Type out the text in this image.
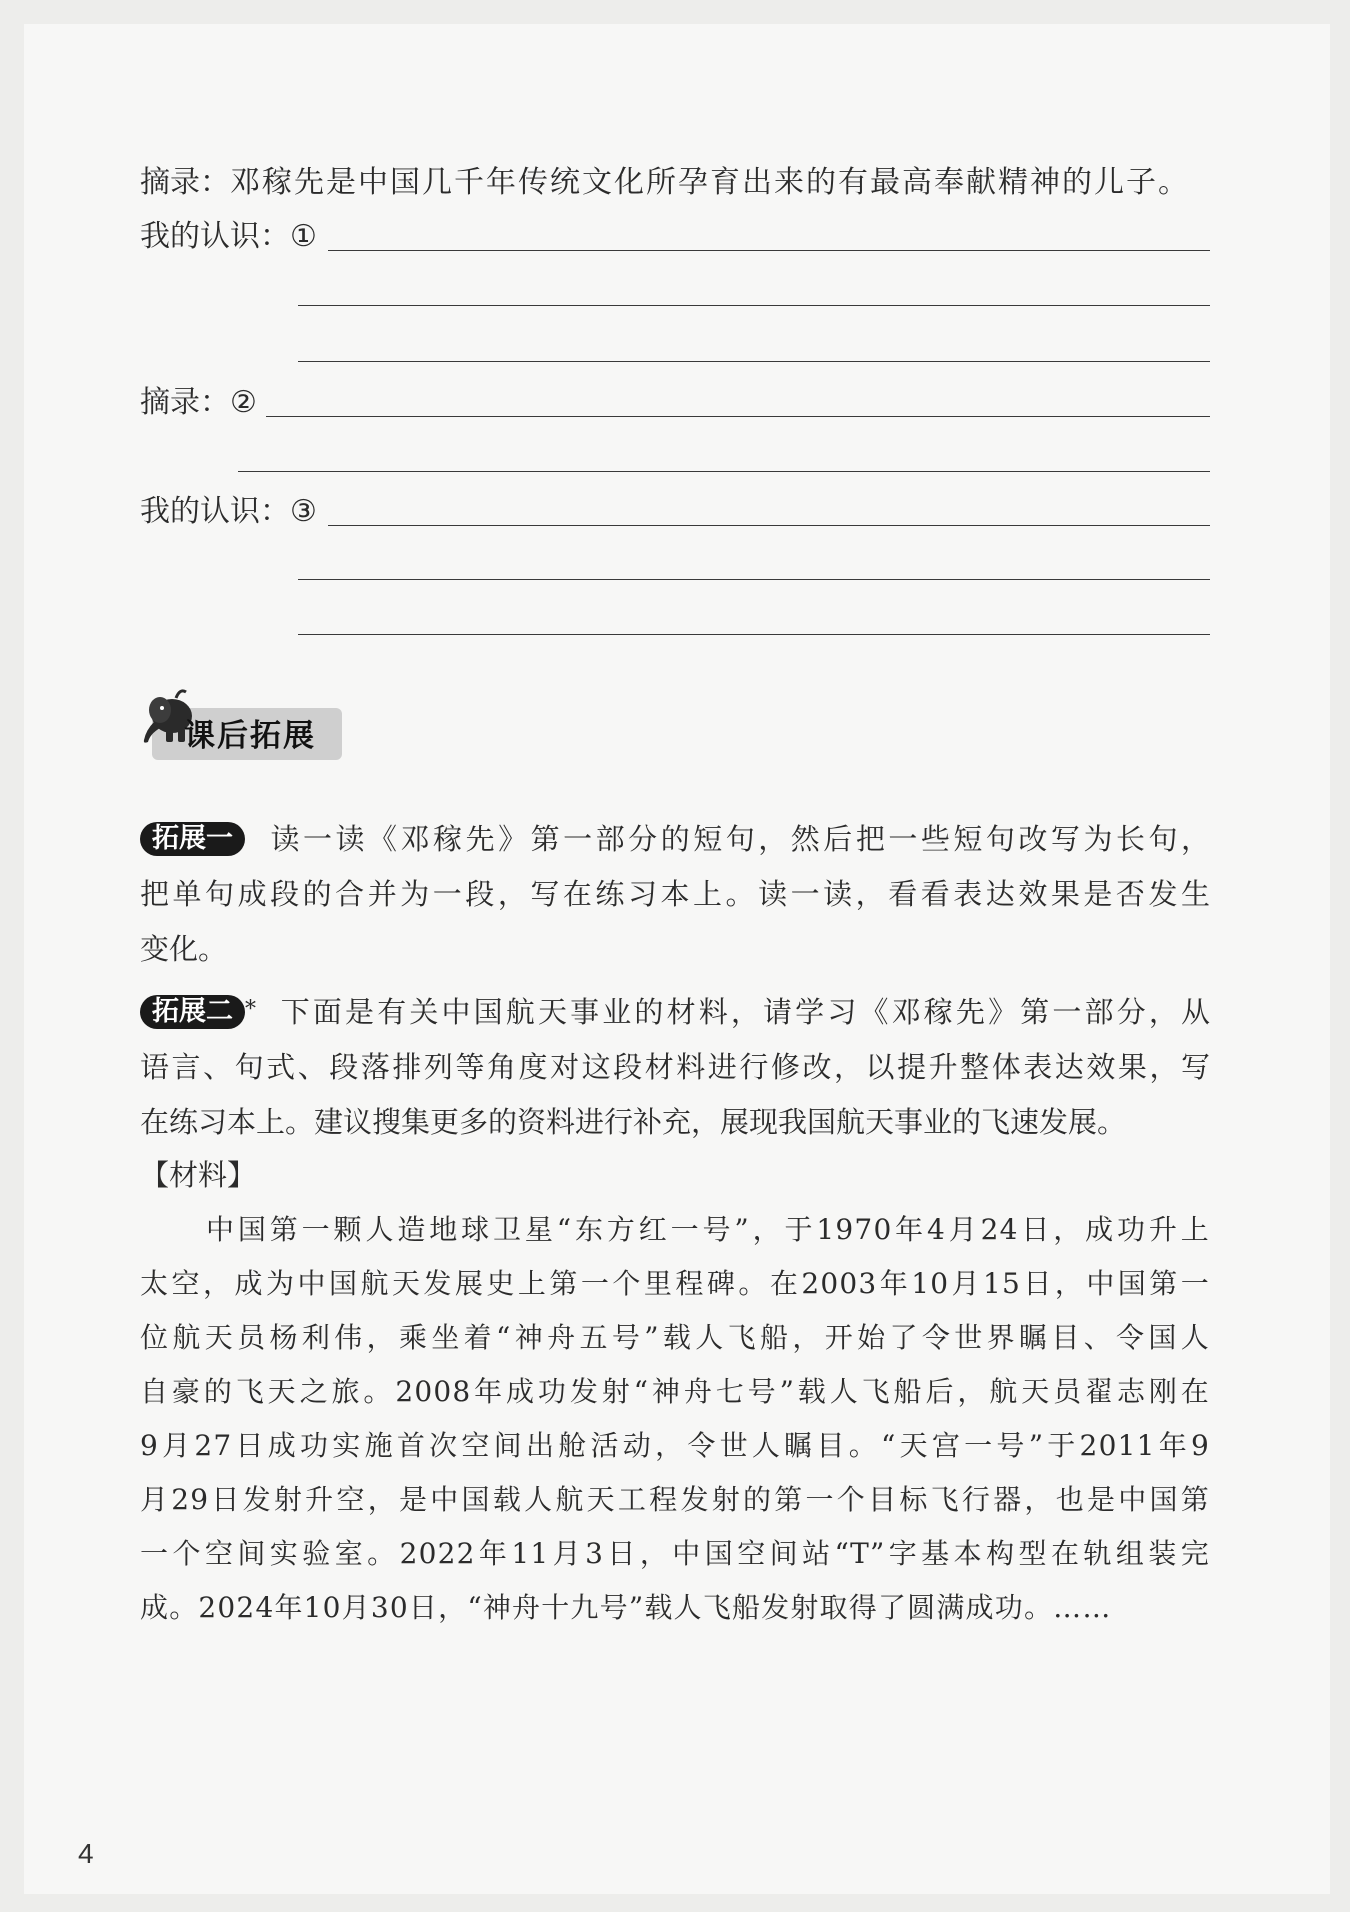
摘录：邓稼先是中国几千年传统文化所孕育出来的有最高奉献精神的儿子。
我的认识：①
摘录：②
我的认识：③
课后拓展
拓展一 读一读《邓稼先》第一部分的短句，然后把一些短句改写为长句，
把单句成段的合并为一段，写在练习本上。读一读，看看表达效果是否发生
变化。
拓展二 * 下面是有关中国航天事业的材料，请学习《邓稼先》第一部分，从
语言、句式、段落排列等角度对这段材料进行修改，以提升整体表达效果，写
在练习本上。建议搜集更多的资料进行补充，展现我国航天事业的飞速发展。
【材料】
中国第一颗人造地球卫星“东方红一号”，于1970年4月24日，成功升上
太空，成为中国航天发展史上第一个里程碑。在2003年10月15日，中国第一
位航天员杨利伟，乘坐着“神舟五号”载人飞船，开始了令世界瞩目、令国人
自豪的飞天之旅。2008年成功发射“神舟七号”载人飞船后，航天员翟志刚在
9月27日成功实施首次空间出舱活动，令世人瞩目。“天宫一号”于2011年9
月29日发射升空，是中国载人航天工程发射的第一个目标飞行器，也是中国第
一个空间实验室。2022年11月3日，中国空间站“T”字基本构型在轨组装完
成。2024年10月30日，“神舟十九号”载人飞船发射取得了圆满成功。……
4
